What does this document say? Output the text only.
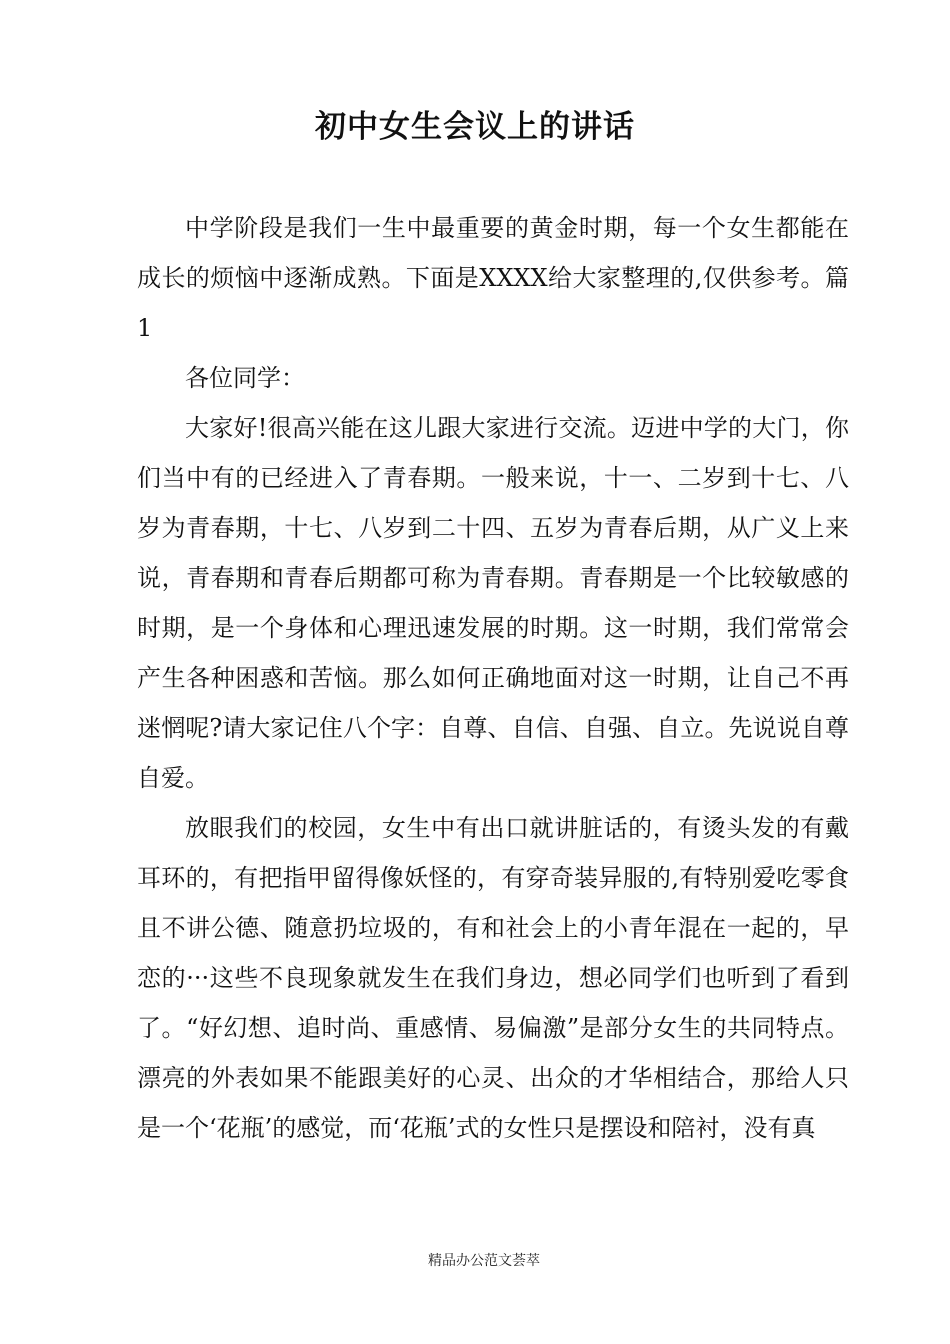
初中女生会议上的讲话

中学阶段是我们一生中最重要的黄金时期，每一个女生都能在成长的烦恼中逐渐成熟。下面是XXXX给大家整理的,仅供参考。篇1

各位同学：

大家好!很高兴能在这儿跟大家进行交流。迈进中学的大门，你们当中有的已经进入了青春期。一般来说，十一、二岁到十七、八岁为青春期，十七、八岁到二十四、五岁为青春后期，从广义上来说，青春期和青春后期都可称为青春期。青春期是一个比较敏感的时期，是一个身体和心理迅速发展的时期。这一时期，我们常常会产生各种困惑和苦恼。那么如何正确地面对这一时期，让自己不再迷惘呢?请大家记住八个字：自尊、自信、自强、自立。先说说自尊自爱。

放眼我们的校园，女生中有出口就讲脏话的，有烫头发的有戴耳环的，有把指甲留得像妖怪的，有穿奇装异服的,有特别爱吃零食且不讲公德、随意扔垃圾的，有和社会上的小青年混在一起的，早恋的···这些不良现象就发生在我们身边，想必同学们也听到了看到了。“好幻想、追时尚、重感情、易偏激”是部分女生的共同特点。漂亮的外表如果不能跟美好的心灵、出众的才华相结合，那给人只是一个‘花瓶’的感觉，而‘花瓶’式的女性只是摆设和陪衬，没有真

精品办公范文荟萃
